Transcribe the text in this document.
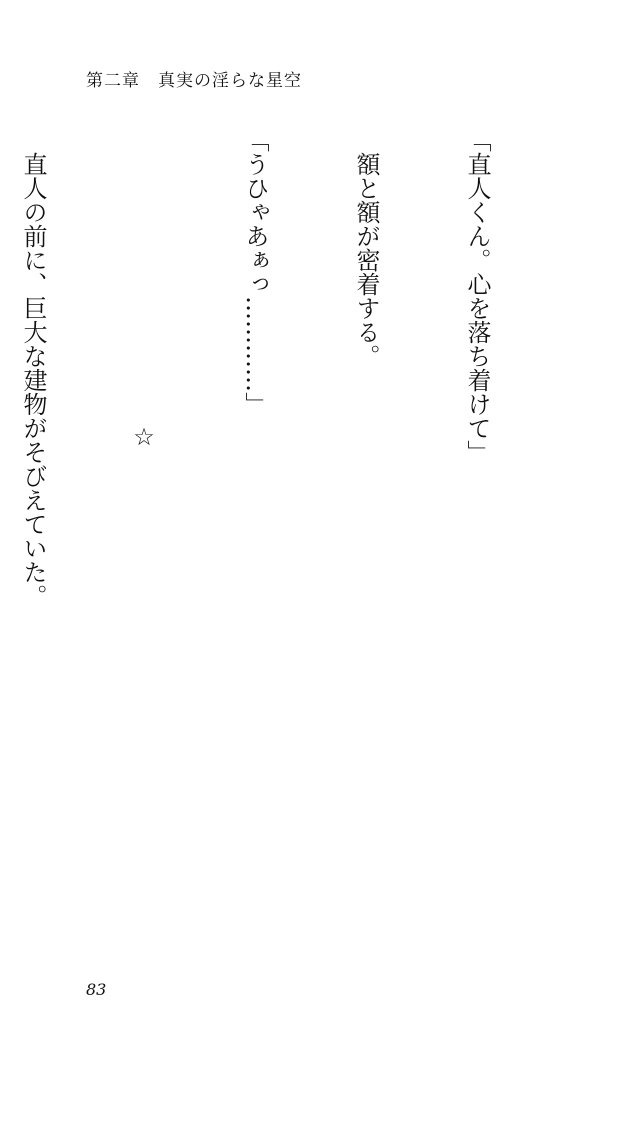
第二章　真実の淫らな星空

「直人くん。心を落ち着けて」

　額と額が密着する。

「うひゃあぁっ…………」

☆

　直人の前に、巨大な建物がそびえていた。

83
